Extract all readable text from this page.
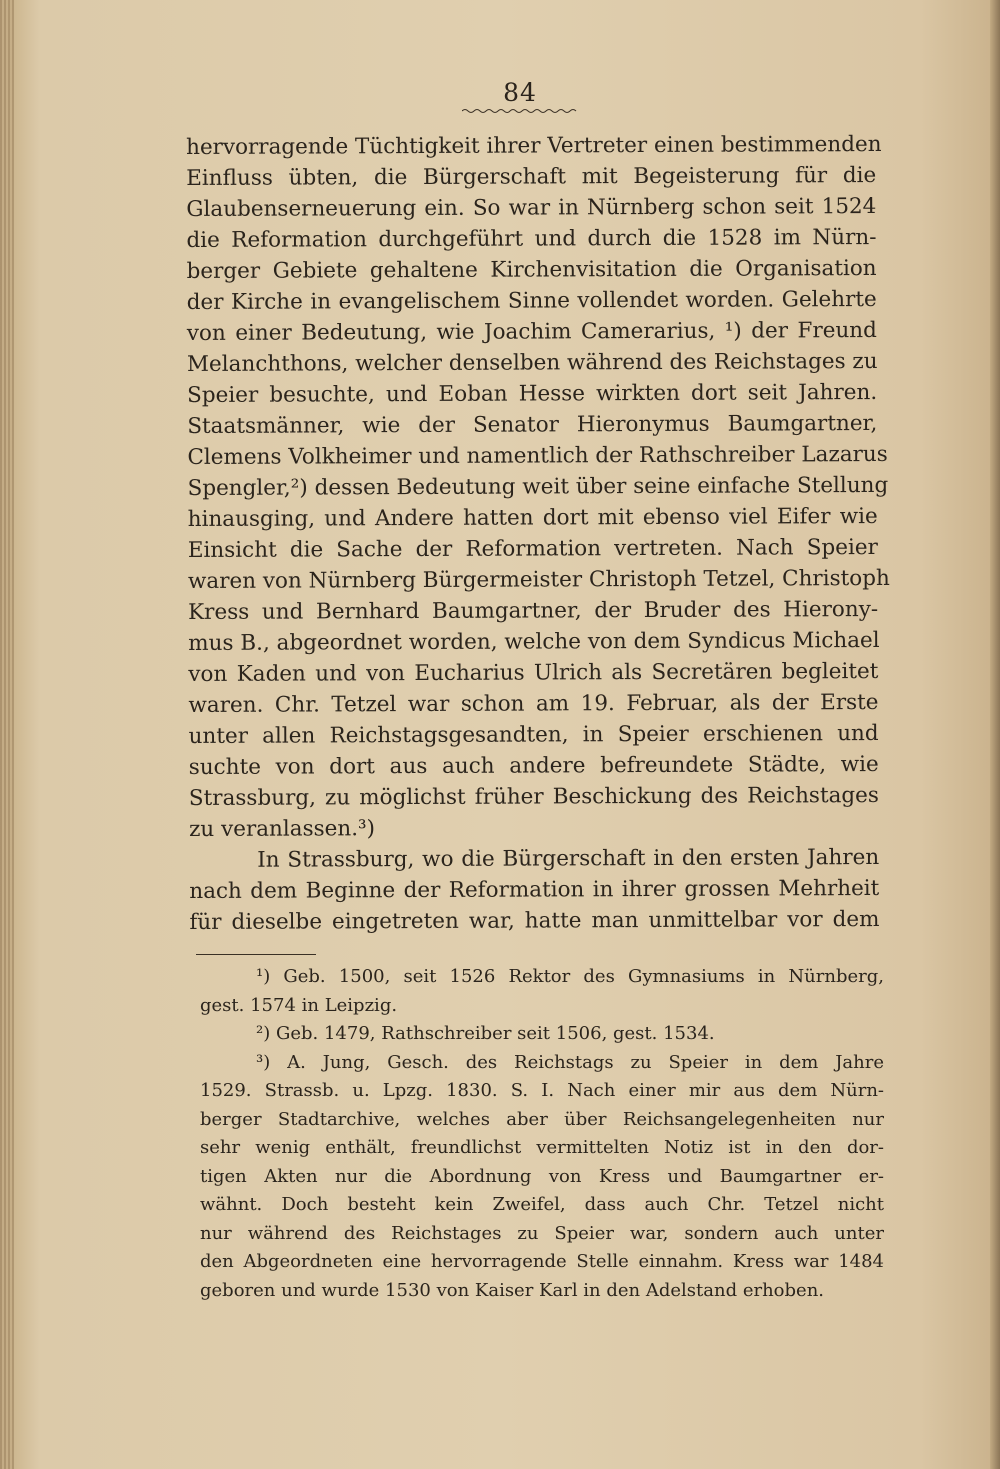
84
hervorragende Tüchtigkeit ihrer Vertreter einen bestimmenden
Einfluss übten, die Bürgerschaft mit Begeisterung für die
Glaubenserneuerung ein. So war in Nürnberg schon seit 1524
die Reformation durchgeführt und durch die 1528 im Nürn-
berger Gebiete gehaltene Kirchenvisitation die Organisation
der Kirche in evangelischem Sinne vollendet worden. Gelehrte
von einer Bedeutung, wie Joachim Camerarius, ¹) der Freund
Melanchthons, welcher denselben während des Reichstages zu
Speier besuchte, und Eoban Hesse wirkten dort seit Jahren.
Staatsmänner, wie der Senator Hieronymus Baumgartner,
Clemens Volkheimer und namentlich der Rathschreiber Lazarus
Spengler,²) dessen Bedeutung weit über seine einfache Stellung
hinausging, und Andere hatten dort mit ebenso viel Eifer wie
Einsicht die Sache der Reformation vertreten. Nach Speier
waren von Nürnberg Bürgermeister Christoph Tetzel, Christoph
Kress und Bernhard Baumgartner, der Bruder des Hierony-
mus B., abgeordnet worden, welche von dem Syndicus Michael
von Kaden und von Eucharius Ulrich als Secretären begleitet
waren. Chr. Tetzel war schon am 19. Februar, als der Erste
unter allen Reichstagsgesandten, in Speier erschienen und
suchte von dort aus auch andere befreundete Städte, wie
Strassburg, zu möglichst früher Beschickung des Reichstages
zu veranlassen.³)
In Strassburg, wo die Bürgerschaft in den ersten Jahren
nach dem Beginne der Reformation in ihrer grossen Mehrheit
für dieselbe eingetreten war, hatte man unmittelbar vor dem
¹) Geb. 1500, seit 1526 Rektor des Gymnasiums in Nürnberg,
gest. 1574 in Leipzig.
²) Geb. 1479, Rathschreiber seit 1506, gest. 1534.
³) A. Jung, Gesch. des Reichstags zu Speier in dem Jahre
1529. Strassb. u. Lpzg. 1830. S. I. Nach einer mir aus dem Nürn-
berger Stadtarchive, welches aber über Reichsangelegenheiten nur
sehr wenig enthält, freundlichst vermittelten Notiz ist in den dor-
tigen Akten nur die Abordnung von Kress und Baumgartner er-
wähnt. Doch besteht kein Zweifel, dass auch Chr. Tetzel nicht
nur während des Reichstages zu Speier war, sondern auch unter
den Abgeordneten eine hervorragende Stelle einnahm. Kress war 1484
geboren und wurde 1530 von Kaiser Karl in den Adelstand erhoben.
